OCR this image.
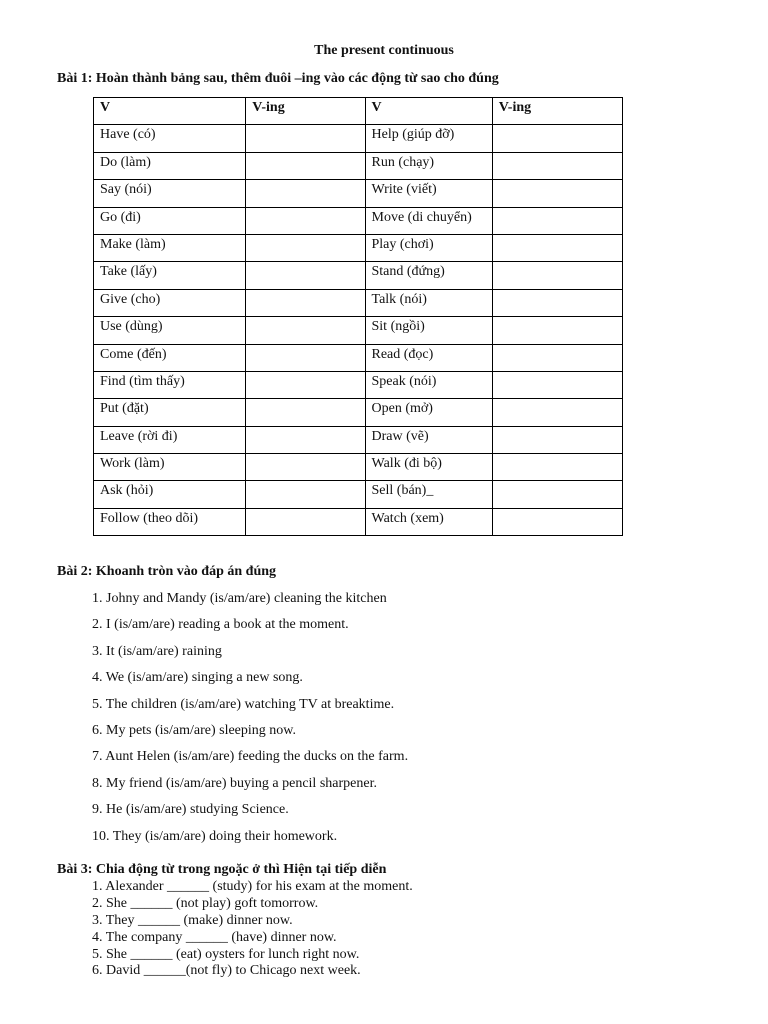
The present continuous
Bài 1: Hoàn thành bảng sau, thêm đuôi –ing vào các động từ sao cho đúng
V	V-ing	V	V-ing
Have (có)		Help (giúp đỡ)	
Do (làm)		Run (chạy)	
Say (nói)		Write (viết)	
Go (đi)		Move (di chuyển)	
Make (làm)		Play (chơi)	
Take (lấy)		Stand (đứng)	
Give (cho)		Talk (nói)	
Use (dùng)		Sit (ngồi)	
Come (đến)		Read (đọc)	
Find (tìm thấy)		Speak (nói)	
Put (đặt)		Open (mở)	
Leave (rời đi)		Draw (vẽ)	
Work (làm)		Walk (đi bộ)	
Ask (hỏi)		Sell (bán)_	
Follow (theo dõi)		Watch (xem)	
Bài 2: Khoanh tròn vào đáp án đúng
1. Johny and Mandy (is/am/are) cleaning the kitchen
2. I (is/am/are) reading a book at the moment.
3. It (is/am/are) raining
4. We (is/am/are) singing a new song.
5. The children (is/am/are) watching TV at breaktime.
6. My pets (is/am/are) sleeping now.
7. Aunt Helen (is/am/are) feeding the ducks on the farm.
8. My friend (is/am/are) buying a pencil sharpener.
9. He (is/am/are) studying Science.
10. They (is/am/are) doing their homework.
Bài 3: Chia động từ trong ngoặc ở thì Hiện tại tiếp diễn
1. Alexander ______ (study) for his exam at the moment.
2. She ______ (not play) goft tomorrow.
3. They ______ (make) dinner now.
4. The company ______ (have) dinner now.
5. She ______ (eat) oysters for lunch right now.
6. David ______(not fly) to Chicago next week.
